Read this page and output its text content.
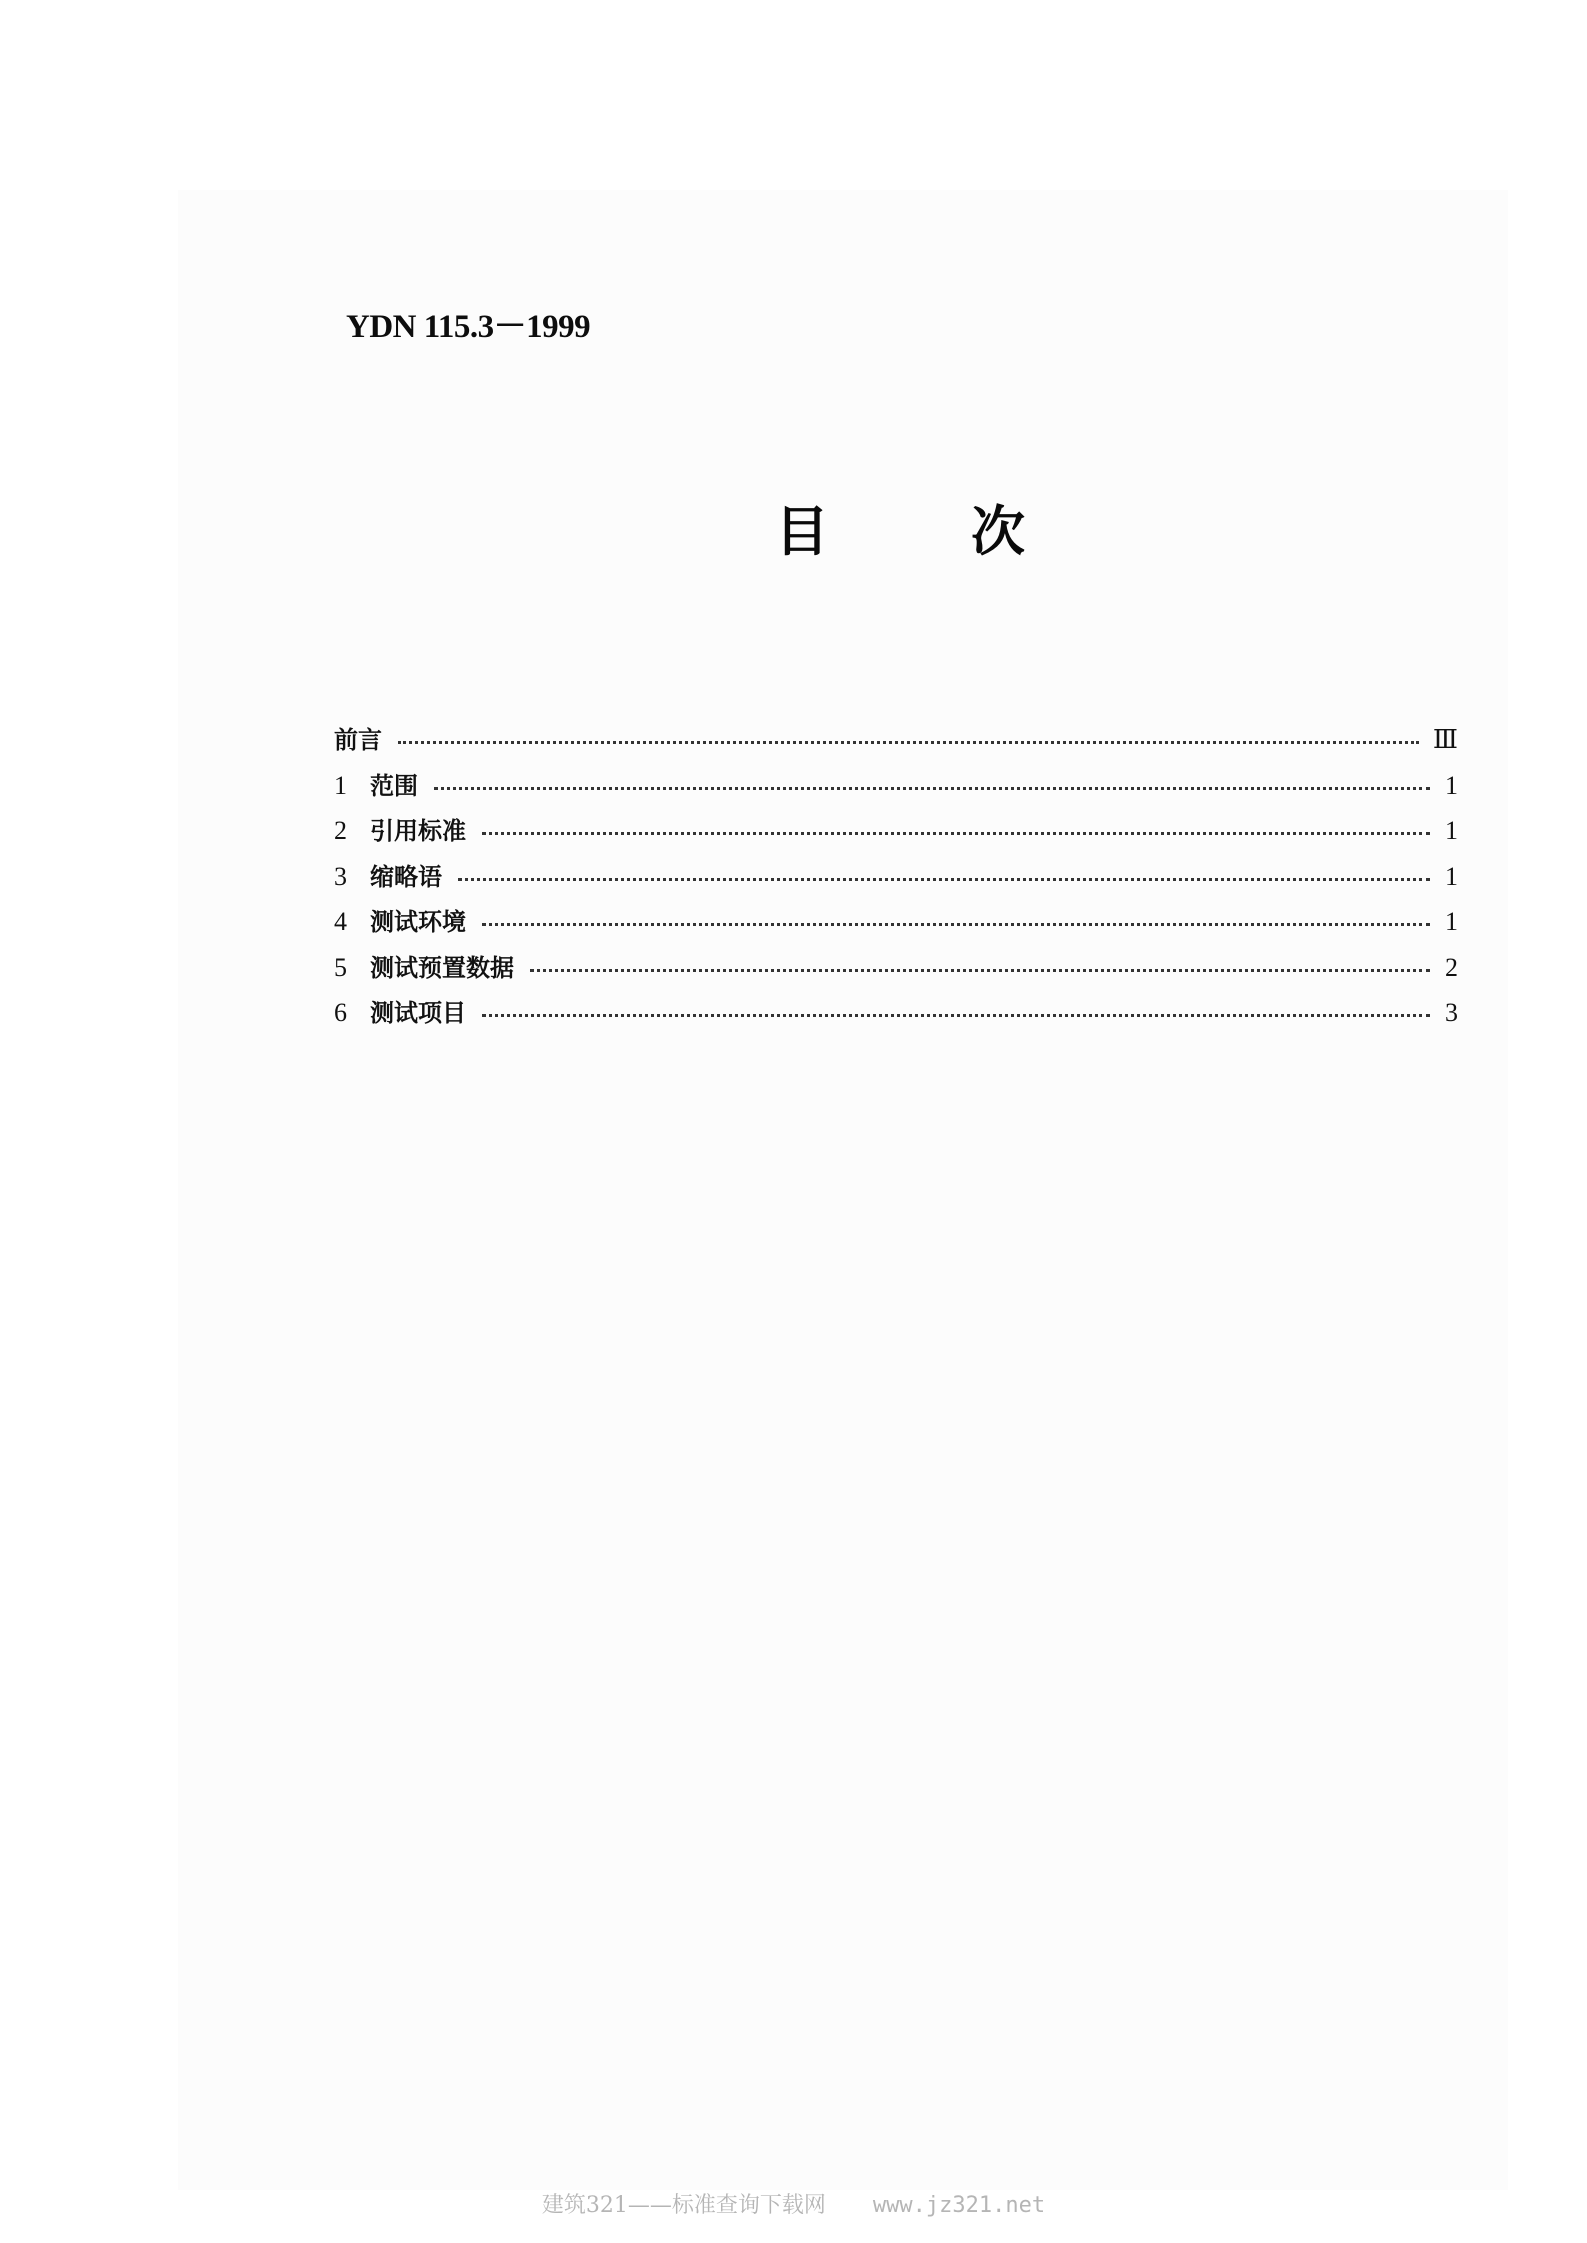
YDN 115.3－1999
目	次
前言	Ⅲ
1 范围	1
2 引用标准	1
3 缩略语	1
4 测试环境	1
5 测试预置数据	2
6 测试项目	3
建筑321——标准查询下载网 www.jz321.net
